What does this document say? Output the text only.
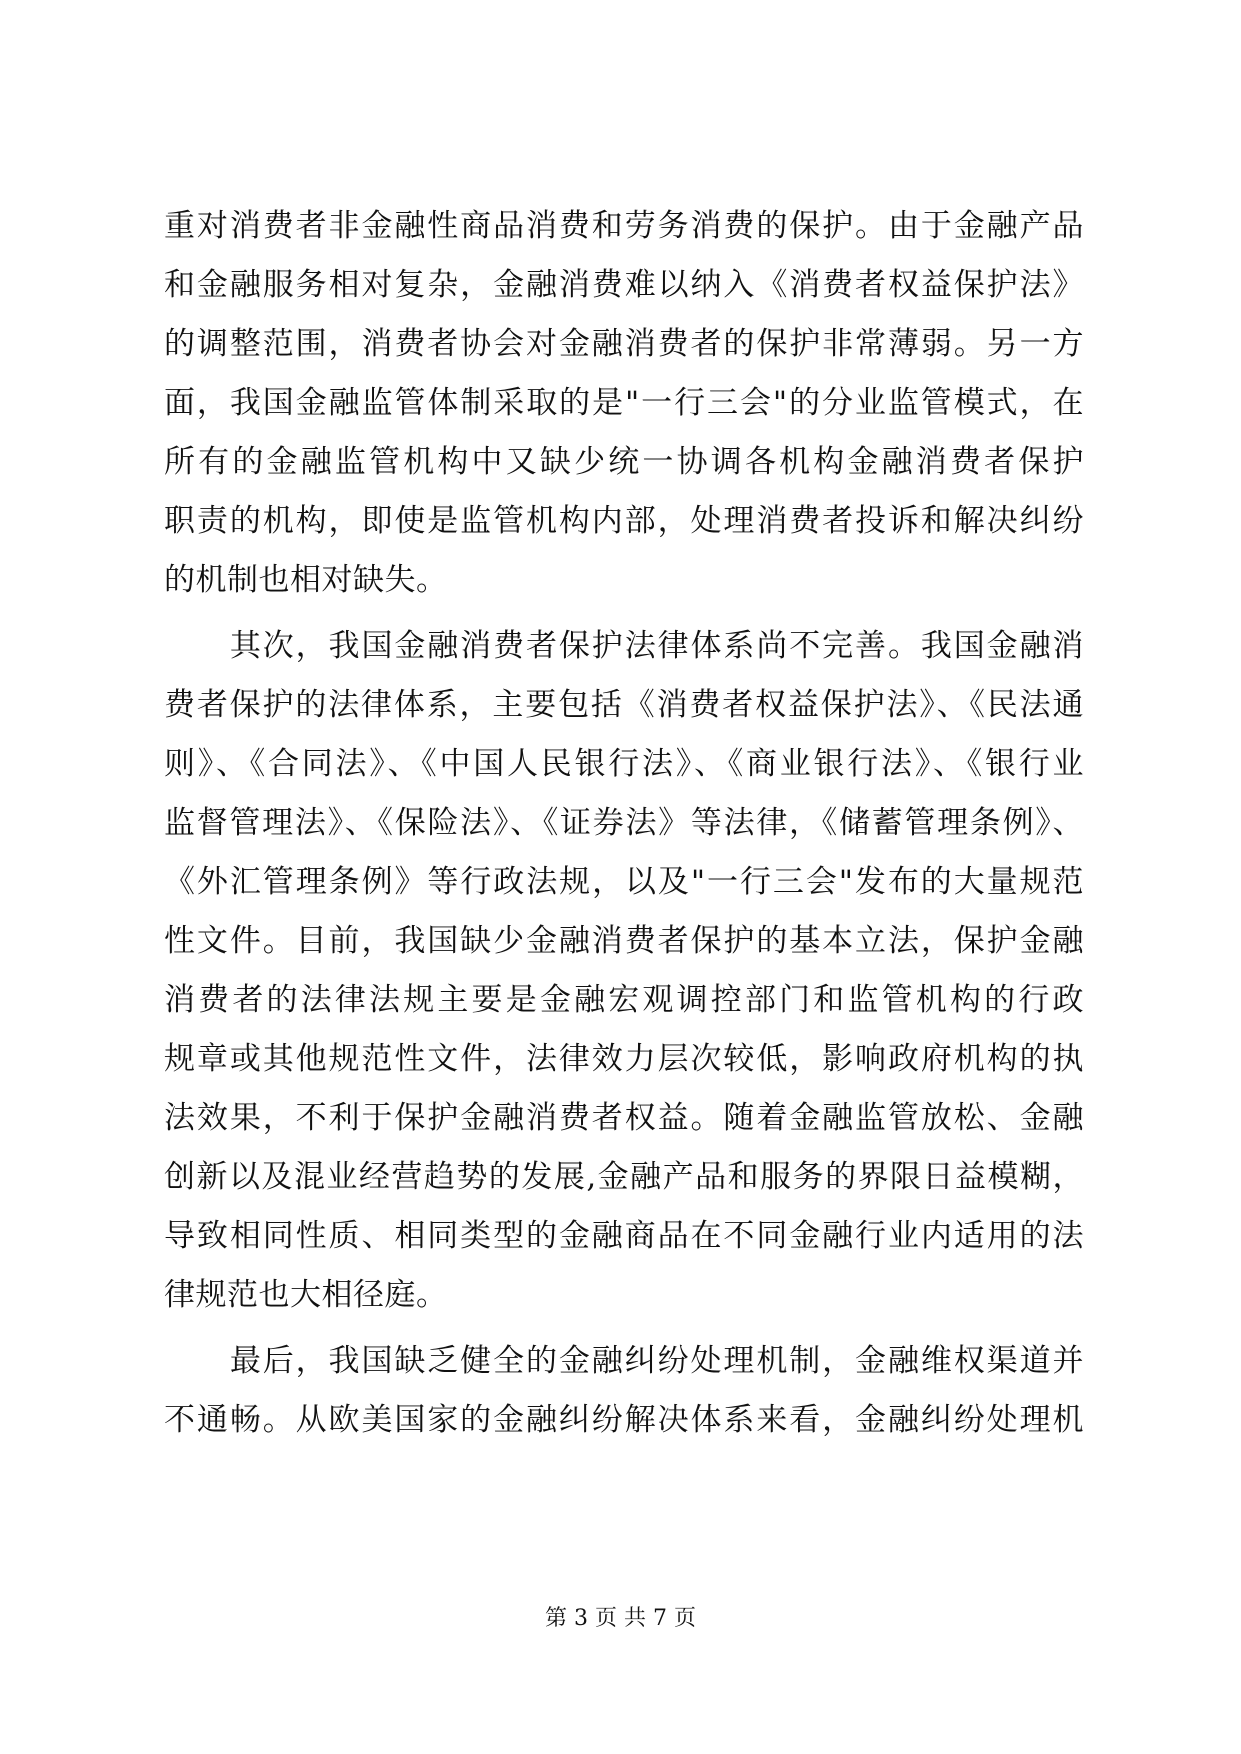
重对消费者非金融性商品消费和劳务消费的保护。由于金融产品
和金融服务相对复杂，金融消费难以纳入《消费者权益保护法》
的调整范围，消费者协会对金融消费者的保护非常薄弱。另一方
面，我国金融监管体制采取的是"一行三会"的分业监管模式，在
所有的金融监管机构中又缺少统一协调各机构金融消费者保护
职责的机构，即使是监管机构内部，处理消费者投诉和解决纠纷
的机制也相对缺失。
　　其次，我国金融消费者保护法律体系尚不完善。我国金融消
费者保护的法律体系，主要包括《消费者权益保护法》、《民法通
则》、《合同法》、《中国人民银行法》、《商业银行法》、《银行业
监督管理法》、《保险法》、《证券法》等法律，《储蓄管理条例》、
《外汇管理条例》等行政法规，以及"一行三会"发布的大量规范
性文件。目前，我国缺少金融消费者保护的基本立法，保护金融
消费者的法律法规主要是金融宏观调控部门和监管机构的行政
规章或其他规范性文件，法律效力层次较低，影响政府机构的执
法效果，不利于保护金融消费者权益。随着金融监管放松、金融
创新以及混业经营趋势的发展,金融产品和服务的界限日益模糊，
导致相同性质、相同类型的金融商品在不同金融行业内适用的法
律规范也大相径庭。
　　最后，我国缺乏健全的金融纠纷处理机制，金融维权渠道并
不通畅。从欧美国家的金融纠纷解决体系来看，金融纠纷处理机
第 3 页 共 7 页
